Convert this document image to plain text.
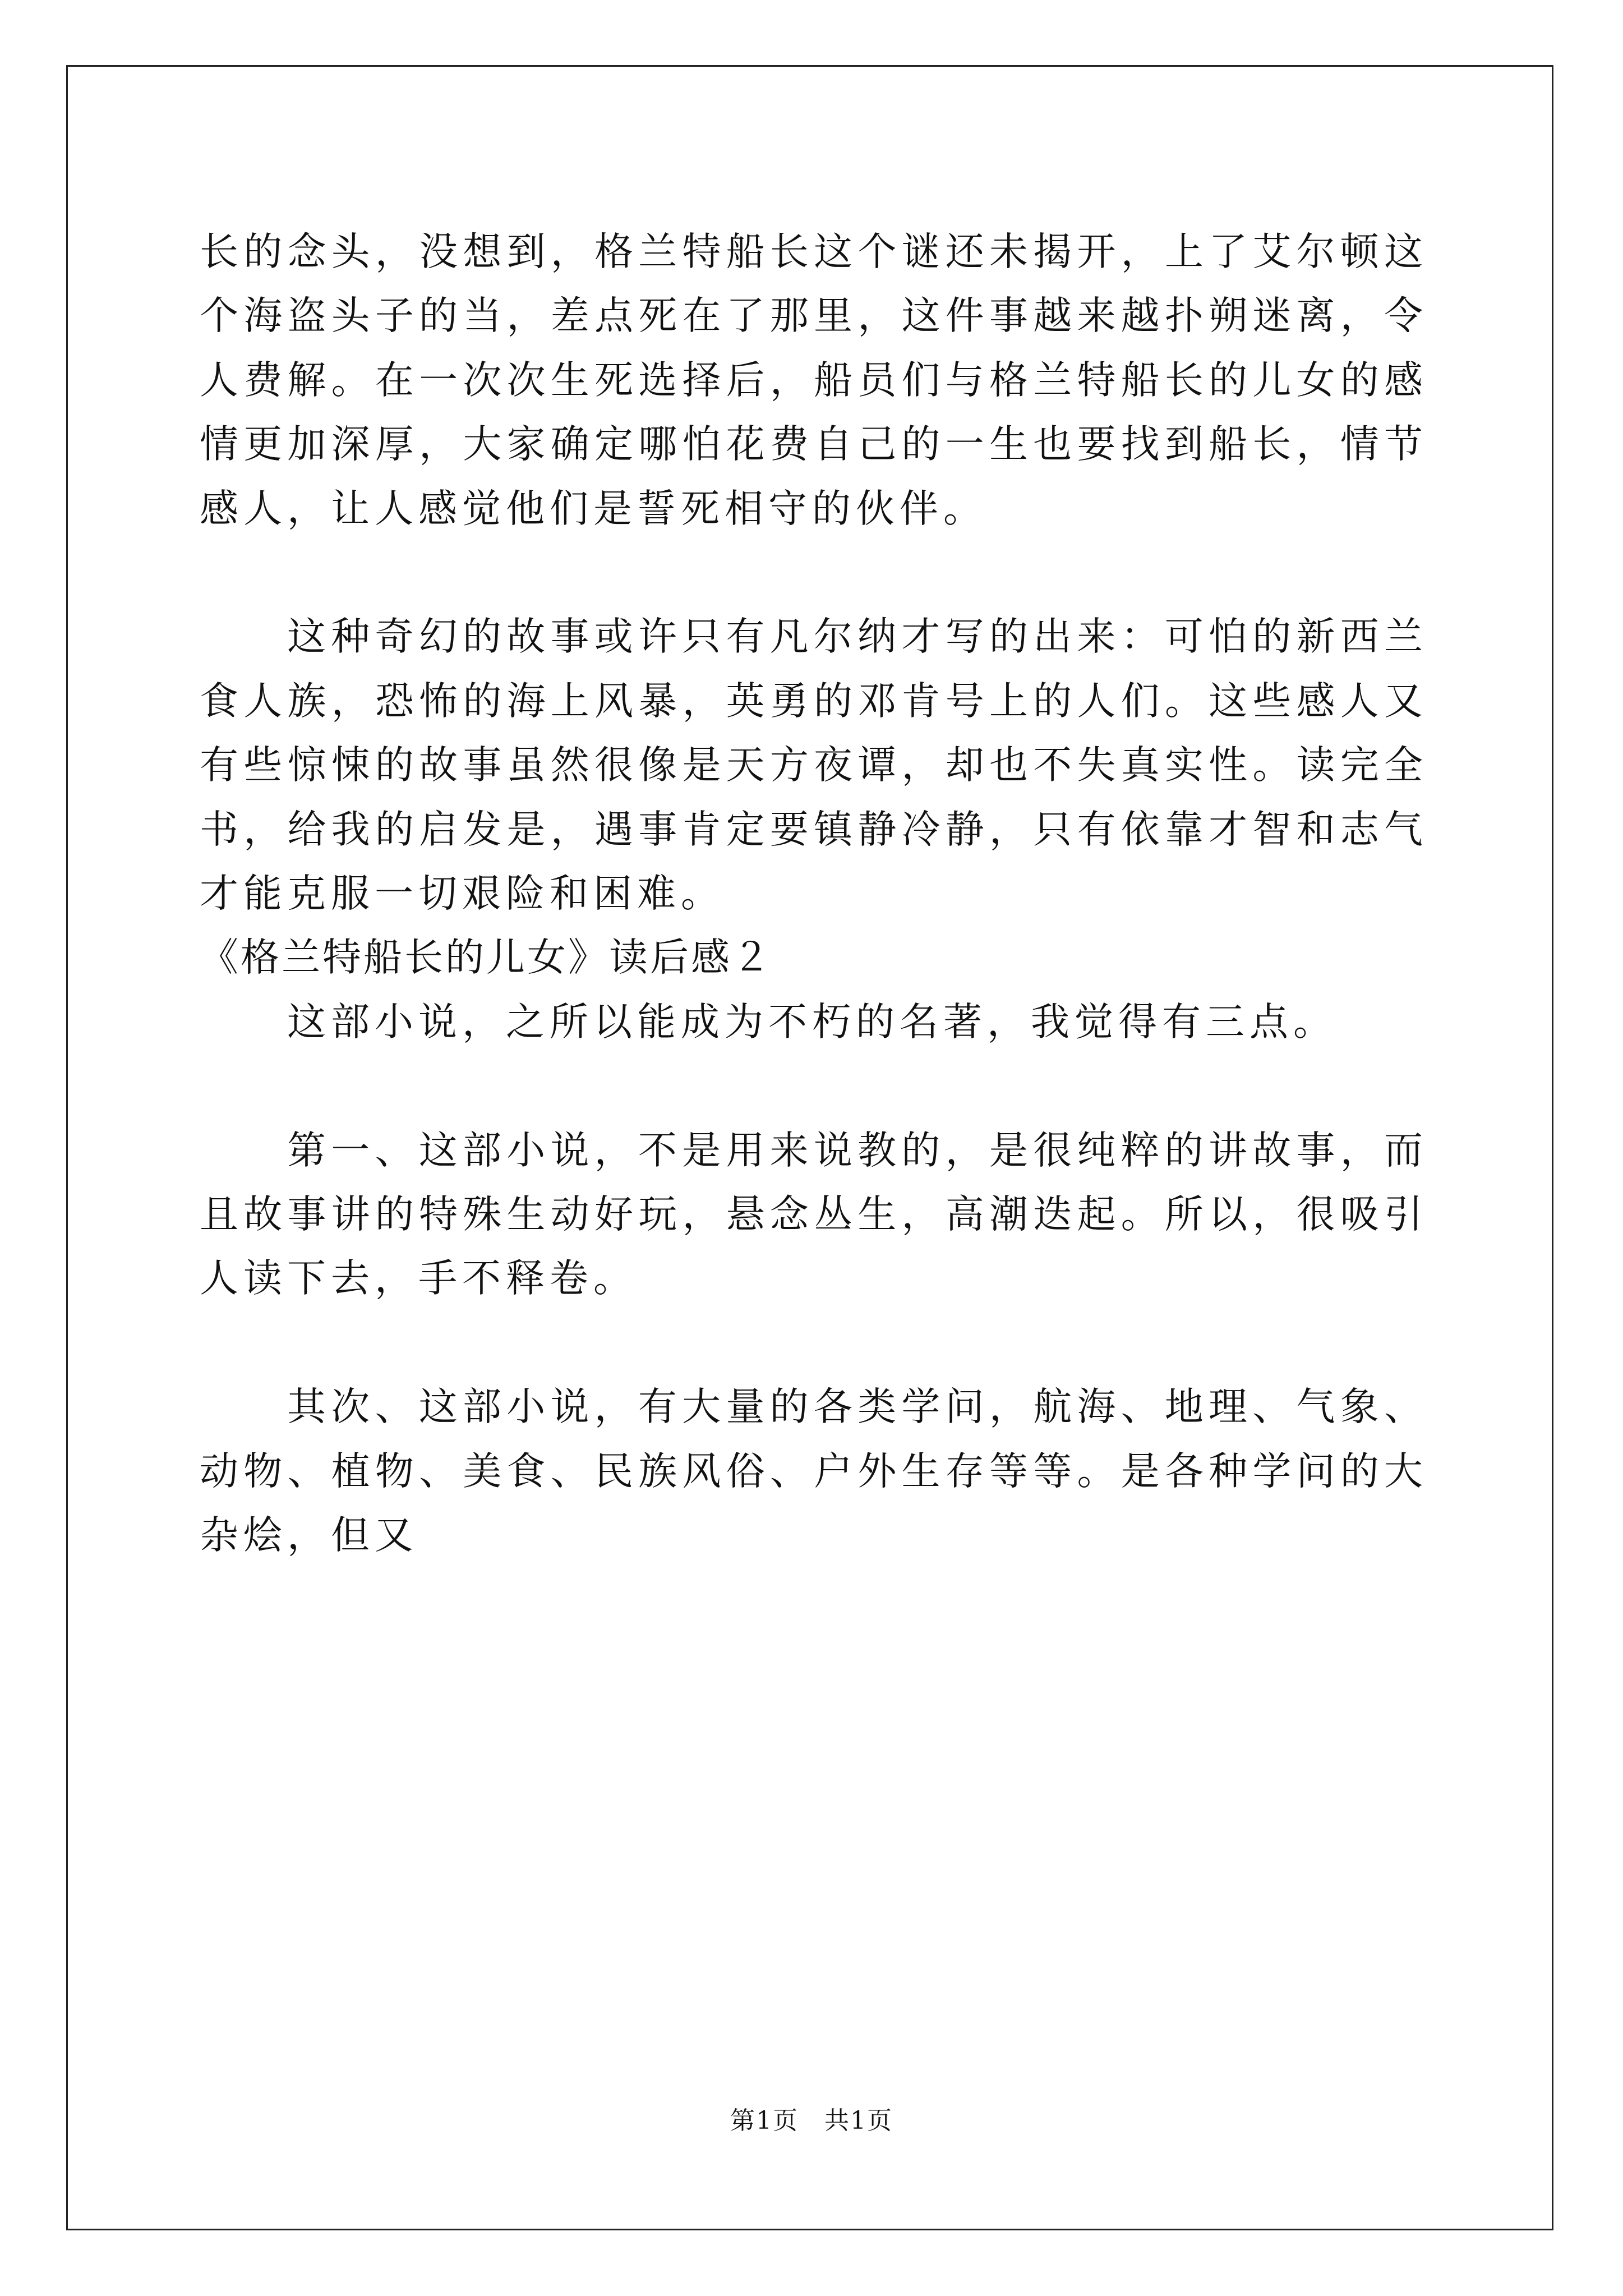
长的念头，没想到，格兰特船长这个谜还未揭开，上了艾尔顿这个海盗头子的当，差点死在了那里，这件事越来越扑朔迷离，令人费解。在一次次生死选择后，船员们与格兰特船长的儿女的感情更加深厚，大家确定哪怕花费自己的一生也要找到船长，情节感人，让人感觉他们是誓死相守的伙伴。

这种奇幻的故事或许只有凡尔纳才写的出来：可怕的新西兰食人族，恐怖的海上风暴，英勇的邓肯号上的人们。这些感人又有些惊悚的故事虽然很像是天方夜谭，却也不失真实性。读完全书，给我的启发是，遇事肯定要镇静冷静，只有依靠才智和志气才能克服一切艰险和困难。

《格兰特船长的儿女》读后感２

这部小说，之所以能成为不朽的名著，我觉得有三点。

第一、这部小说，不是用来说教的，是很纯粹的讲故事，而且故事讲的特殊生动好玩，悬念丛生，高潮迭起。所以，很吸引人读下去，手不释卷。

其次、这部小说，有大量的各类学问，航海、地理、气象、动物、植物、美食、民族风俗、户外生存等等。是各种学问的大杂烩，但又

第1页　共1页
